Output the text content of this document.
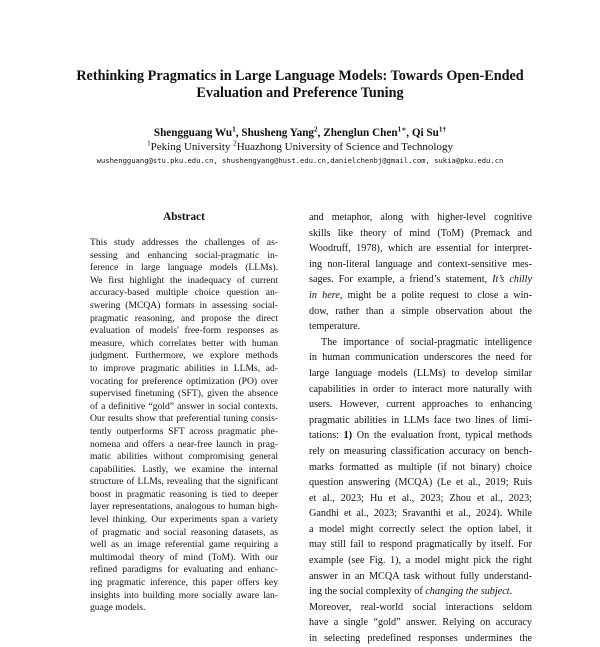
Rethinking Pragmatics in Large Language Models: Towards Open-Ended
Evaluation and Preference Tuning

Shengguang Wu$^1$, Shusheng Yang$^2$, Zhenglun Chen$^{1∗}$, Qi $Su^{1\dagger}$

$^1$Peking University $^2$Huazhong University of Science and Technology

wushengguang@stu.pku.edu.cn, shushengyang@hust.edu.cn,danielchenbj@gmail.com, sukia@pku.edu.cn

Abstract
This study addresses the challenges of as-
sessing and enhancing social-pragmatic in-
ference in large language models (LLMs).
We first highlight the inadequacy of current
accuracy-based multiple choice question an-
swering (MCQA) formats in assessing social-
pragmatic reasoning, and propose the direct
evaluation of models' free-form responses as
measure, which correlates better with human
judgment. Furthermore, we explore methods
to improve pragmatic abilities in LLMs, ad-
vocating for preference optimization (PO) over
supervised finetuning (SFT), given the absence
of a definitive “gold” answer in social contexts.
Our results show that preferential tuning consis-
tently outperforms SFT across pragmatic phe-
nomena and offers a near-free launch in prag-
matic abilities without compromising general
capabilities. Lastly, we examine the internal
structure of LLMs, revealing that the significant
boost in pragmatic reasoning is tied to deeper
layer representations, analogous to human high-
level thinking. Our experiments span a variety
of pragmatic and social reasoning datasets, as
well as an image referential game requiring a
multimodal theory of mind (ToM). With our
refined paradigms for evaluating and enhanc-
ing pragmatic inference, this paper offers key
insights into building more socially aware lan-
guage models.
and metaphor, along with higher-level cognitive
skills like theory of mind (ToM) (Premack and
Woodruff, 1978), which are essential for interpret-
ing non-literal language and context-sensitive mes-
sages. For example, a friend’s statement, It’s chilly
in here, might be a polite request to close a win-
dow, rather than a simple observation about the
temperature.
The importance of social-pragmatic intelligence
in human communication underscores the need for
large language models (LLMs) to develop similar
capabilities in order to interact more naturally with
users. However, current approaches to enhancing
pragmatic abilities in LLMs face two lines of limi-
tations: 1) On the evaluation front, typical methods
rely on measuring classification accuracy on bench-
marks formatted as multiple (if not binary) choice
question answering (MCQA) (Le et al., 2019; Ruis
et al., 2023; Hu et al., 2023; Zhou et al., 2023;
Gandhi et al., 2023; Sravanthi et al., 2024). While
a model might correctly select the option label, it
may still fail to respond pragmatically by itself. For
example (see Fig. 1), a model might pick the right
answer in an MCQA task without fully understand-
ing the social complexity of changing the subject.
Moreover, real-world social interactions seldom
have a single “gold” answer. Relying on accuracy
in selecting predefined responses undermines the
